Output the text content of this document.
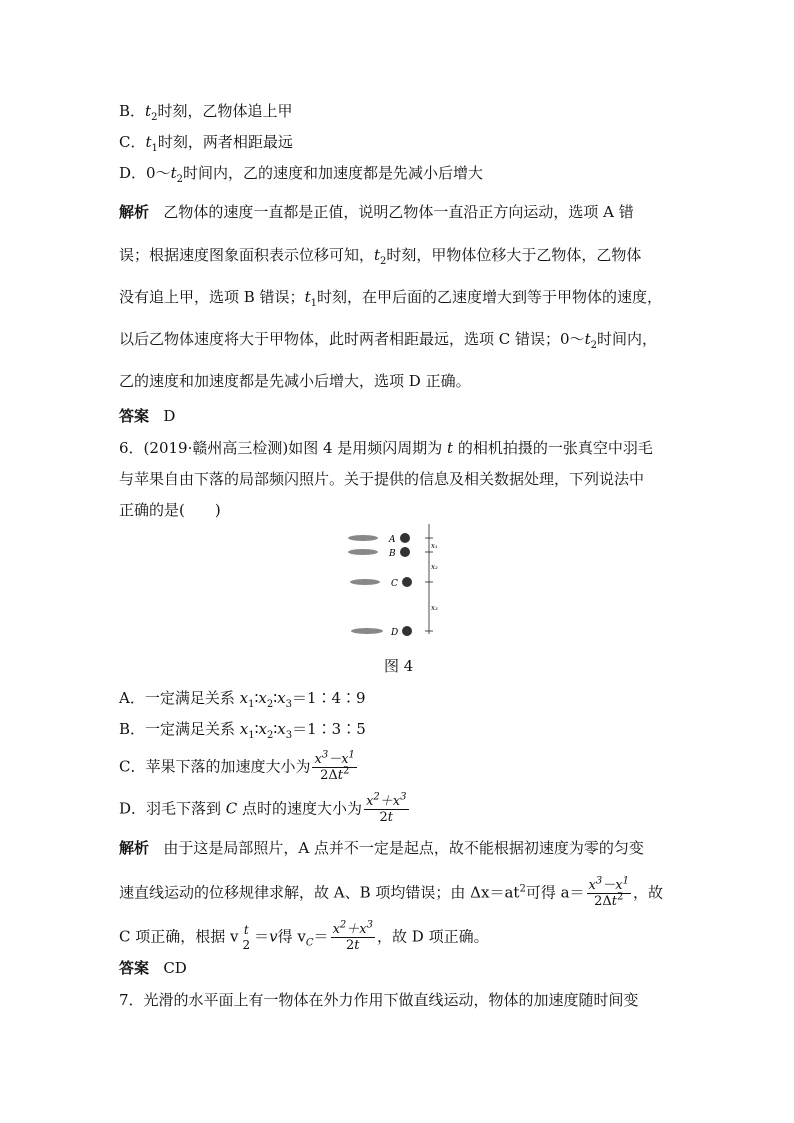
B．$t_2$时刻，乙物体追上甲
C．$t_1$时刻，两者相距最远
D．$0\sim t_2$时间内，乙的速度和加速度都是先减小后增大
解析 乙物体的速度一直都是正值，说明乙物体一直沿正方向运动，选项 A 错
误；根据速度图象面积表示位移可知，$t_2$时刻，甲物体位移大于乙物体，乙物体
没有追上甲，选项 B 错误；$t_1$时刻，在甲后面的乙速度增大到等于甲物体的速度，
以后乙物体速度将大于甲物体，此时两者相距最远，选项 C 错误；$0\sim t_2$时间内，
乙的速度和加速度都是先减小后增大，选项 D 正确。
答案 D
6．(2019·赣州高三检测)如图 4 是用频闪周期为 t 的相机拍摄的一张真空中羽毛
与苹果自由下落的局部频闪照片。关于提供的信息及相关数据处理，下列说法中
正确的是(　　)
A
B
C
D
x₁
x₂
x₃
图 4
A．一定满足关系 $x_1∶x_2∶x_3=1∶4∶9$
B．一定满足关系 $x_1∶x_2∶x_3=1∶3∶5$
C．苹果下落的加速度大小为 $\frac{x^3-x^1}{2\Delta t^2}$
D．羽毛下落到 C 点时的速度大小为 $\frac{x^2+x^3}{2t}$
解析 由于这是局部照片，A 点并不一定是起点，故不能根据初速度为零的匀变
速直线运动的位移规律求解，故 A、B 项均错误；由 $\Delta x=at^2$可得 $a= \frac{x^3-x^1}{2\Delta t^2}$ ，故
C 项正确，根据 v t
2 ＝v得 $v_C= \frac{x^2+x^3}{2t}$ ，故 D 项正确。
答案 CD
7．光滑的水平面上有一物体在外力作用下做直线运动，物体的加速度随时间变
